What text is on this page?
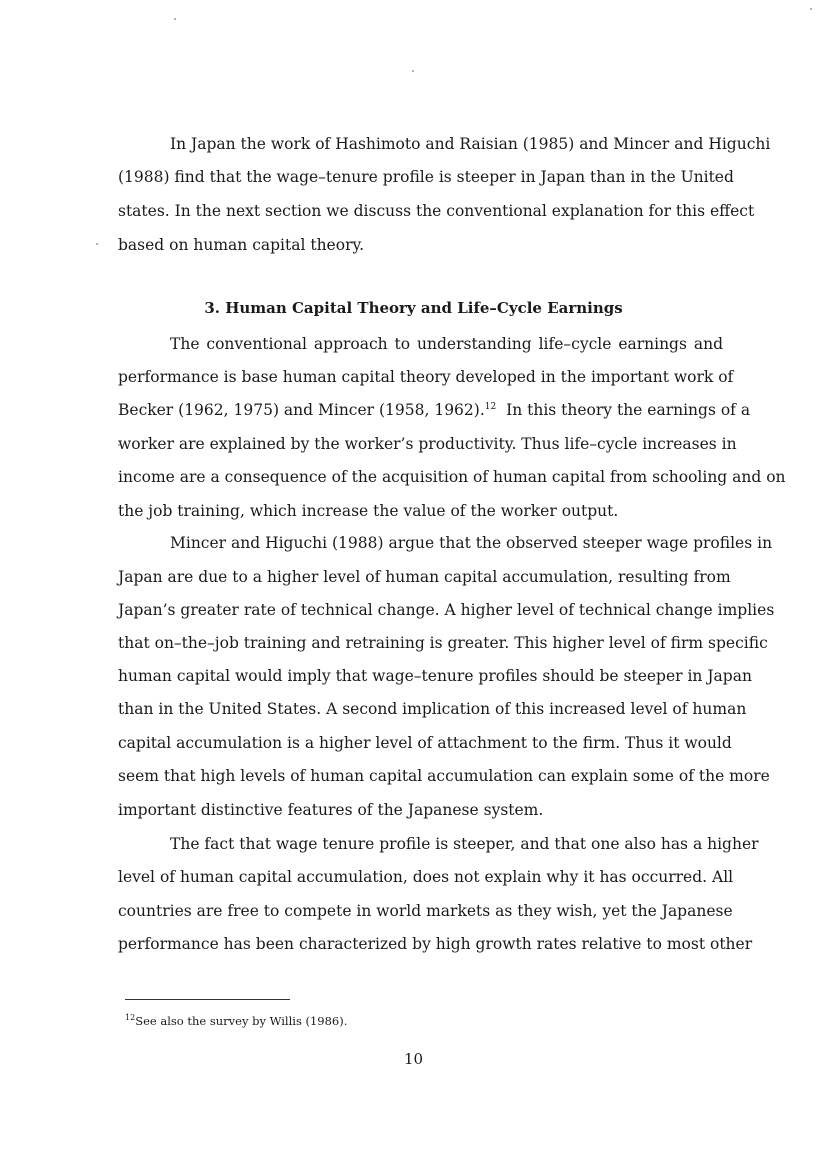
In Japan the work of Hashimoto and Raisian (1985) and Mincer and Higuchi
(1988) find that the wage–tenure profile is steeper in Japan than in the United
states. In the next section we discuss the conventional explanation for this effect
based on human capital theory.
3. Human Capital Theory and Life–Cycle Earnings
The conventional approach to understanding life–cycle earnings and
performance is base human capital theory developed in the important work of
Becker (1962, 1975) and Mincer (1958, 1962).$^{12}$ In this theory the earnings of a
worker are explained by the worker’s productivity. Thus life–cycle increases in
income are a consequence of the acquisition of human capital from schooling and on
the job training, which increase the value of the worker output.
Mincer and Higuchi (1988) argue that the observed steeper wage profiles in
Japan are due to a higher level of human capital accumulation, resulting from
Japan’s greater rate of technical change. A higher level of technical change implies
that on–the–job training and retraining is greater. This higher level of firm specific
human capital would imply that wage–tenure profiles should be steeper in Japan
than in the United States. A second implication of this increased level of human
capital accumulation is a higher level of attachment to the firm. Thus it would
seem that high levels of human capital accumulation can explain some of the more
important distinctive features of the Japanese system.
The fact that wage tenure profile is steeper, and that one also has a higher
level of human capital accumulation, does not explain why it has occurred. All
countries are free to compete in world markets as they wish, yet the Japanese
performance has been characterized by high growth rates relative to most other
$^{12}$See also the survey by Willis (1986).
10
